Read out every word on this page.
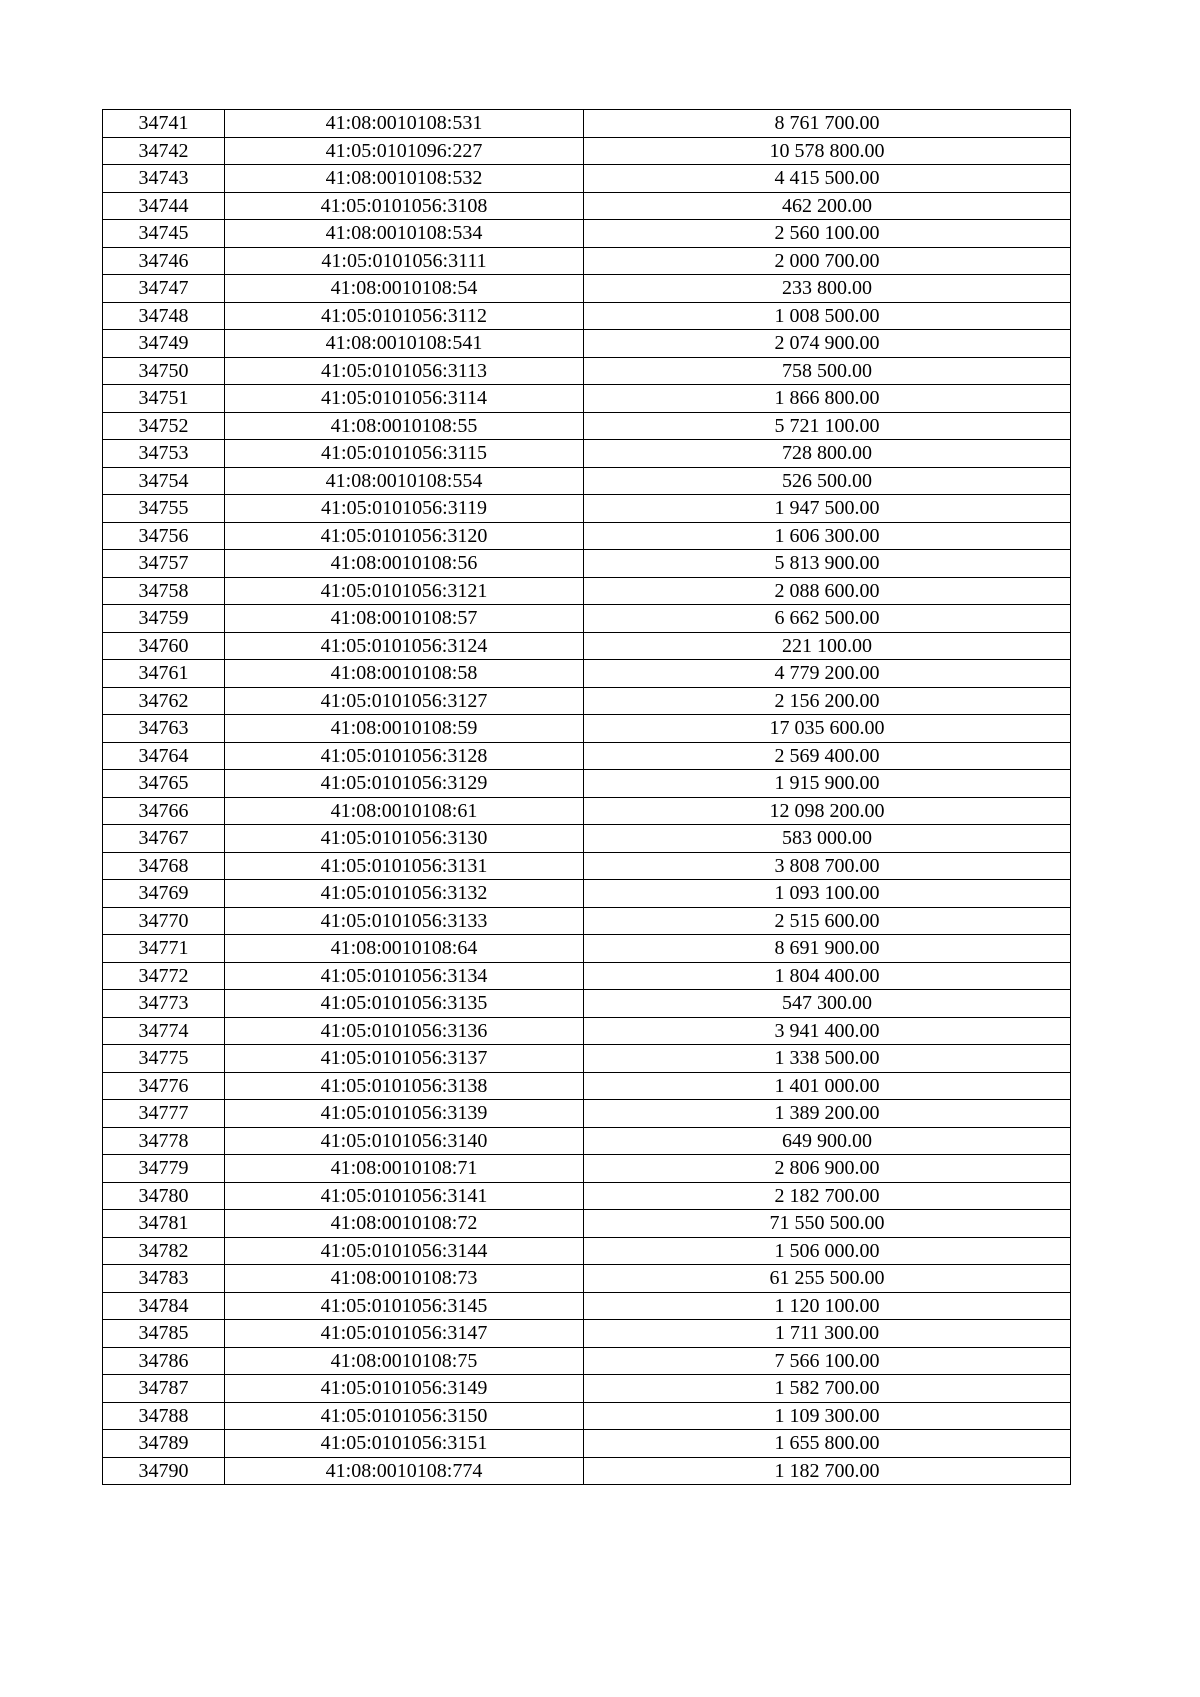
34741	41:08:0010108:531	8 761 700.00
34742	41:05:0101096:227	10 578 800.00
34743	41:08:0010108:532	4 415 500.00
34744	41:05:0101056:3108	462 200.00
34745	41:08:0010108:534	2 560 100.00
34746	41:05:0101056:3111	2 000 700.00
34747	41:08:0010108:54	233 800.00
34748	41:05:0101056:3112	1 008 500.00
34749	41:08:0010108:541	2 074 900.00
34750	41:05:0101056:3113	758 500.00
34751	41:05:0101056:3114	1 866 800.00
34752	41:08:0010108:55	5 721 100.00
34753	41:05:0101056:3115	728 800.00
34754	41:08:0010108:554	526 500.00
34755	41:05:0101056:3119	1 947 500.00
34756	41:05:0101056:3120	1 606 300.00
34757	41:08:0010108:56	5 813 900.00
34758	41:05:0101056:3121	2 088 600.00
34759	41:08:0010108:57	6 662 500.00
34760	41:05:0101056:3124	221 100.00
34761	41:08:0010108:58	4 779 200.00
34762	41:05:0101056:3127	2 156 200.00
34763	41:08:0010108:59	17 035 600.00
34764	41:05:0101056:3128	2 569 400.00
34765	41:05:0101056:3129	1 915 900.00
34766	41:08:0010108:61	12 098 200.00
34767	41:05:0101056:3130	583 000.00
34768	41:05:0101056:3131	3 808 700.00
34769	41:05:0101056:3132	1 093 100.00
34770	41:05:0101056:3133	2 515 600.00
34771	41:08:0010108:64	8 691 900.00
34772	41:05:0101056:3134	1 804 400.00
34773	41:05:0101056:3135	547 300.00
34774	41:05:0101056:3136	3 941 400.00
34775	41:05:0101056:3137	1 338 500.00
34776	41:05:0101056:3138	1 401 000.00
34777	41:05:0101056:3139	1 389 200.00
34778	41:05:0101056:3140	649 900.00
34779	41:08:0010108:71	2 806 900.00
34780	41:05:0101056:3141	2 182 700.00
34781	41:08:0010108:72	71 550 500.00
34782	41:05:0101056:3144	1 506 000.00
34783	41:08:0010108:73	61 255 500.00
34784	41:05:0101056:3145	1 120 100.00
34785	41:05:0101056:3147	1 711 300.00
34786	41:08:0010108:75	7 566 100.00
34787	41:05:0101056:3149	1 582 700.00
34788	41:05:0101056:3150	1 109 300.00
34789	41:05:0101056:3151	1 655 800.00
34790	41:08:0010108:774	1 182 700.00
